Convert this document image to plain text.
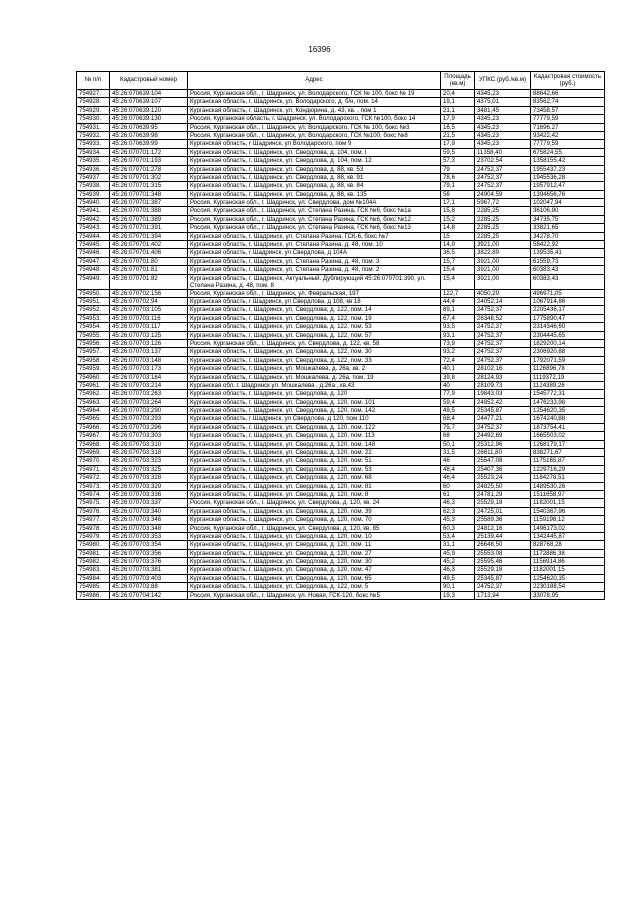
16396
№ п/п	Кадастровый номер	Адрес	Площадь (кв.м)	УПКС (руб./кв.м)	Кадастровая стоимость (руб.)
754927.	45:26:070639:104	Россия, Курганская обл., г. Шадринск, ул. Володарского, ГСК № 100, бокс № 19	20,4	4345,23	88642,66
754928.	45:26:070639:107	Курганская область, г. Шадринск, ул. Володарского, д. б/н, пом. 14	19,1	4375,01	83562,74
754929.	45:26:070639:120	Курганская область, г. Шадринск, ул. Кондюрина, д. 43, кв. , пом 1	21,1	3481,45	73458,57
754930.	45:26:070639:130	Россия, Курганская область, г. Шадринск, ул. Володарского, ГСК №100, бокс 14	17,9	4345,23	77779,59
754931.	45:26:070639:95	Россия, Курганская обл., г. Шадринск, ул. Володарского, ГСК № 100, бокс №3	16,5	4345,23	71696,27
754932.	45:26:070639:98	Россия, Курганская обл., г. Шадринск, ул. Володарского, ГСК №100, бокс №8	21,5	4345,23	93422,42
754933.	45:26:070639:99	Курганская область, г Шадринск, ул Володарского, пом 9	17,9	4345,23	77779,59
754934.	45:26:070701:172	Курганская область, г. Шадринск, ул. Свердлова, д. 104, пом. I	59,5	11358,40	675824,55
754935.	45:26:070701:193	Курганская область, г. Шадринск, ул. Свердлова, д. 104, пом. 12	57,3	23702,54	1358155,42
754936.	45:26:070701:278	Курганская область, г. Шадринск, ул. Свердлова, д. 88, кв. 53	79	24752,37	1955437,23
754937.	45:26:070701:302	Курганская область, г. Шадринск, ул. Свердлова, д. 88, кв. 91	78,6	24752,37	1945536,28
754938.	45:26:070701:315	Курганская область, г. Шадринск, ул. Свердлова, д. 88, кв. 84	79,1	24752,37	1957912,47
754939.	45:26:070701:348	Курганская область, г. Шадринск, ул. Свердлова, д. 88, кв. 135	56	24904,59	1394656,76
754940.	45:26:070701:387	Россия, Курганская обл., г. Шадринск, ул. Свердлова, дом №104А	17,1	5967,72	102047,94
754941.	45:26:070701:388	Россия, Курганская обл., г. Шадринск, ул. Степана Разина, ГСК №6, бокс №1а	15,8	2285,25	36106,90
754942.	45:26:070701:389	Россия, Курганская обл., г. Шадринск, ул. Степана Разина, ГСК №6, бокс №12	15,2	2285,25	34735,75
754943.	45:26:070701:391	Россия, Курганская обл., г. Шадринск, ул. Степана Разина, ГСК №6, бокс №13	14,8	2285,25	33821,65
754944.	45:26:070701:394	Курганская область, г. Шадринск, ул. Степана Разина, ГСК-6, бокс №7	15	2285,25	34278,70
754945.	45:26:070701:402	Курганская область, г. Шадринск, ул. Степана Разина, д. 48, пом. 10	14,9	3921,00	58422,92
754946.	45:26:070701:406	Курганская область, г Шадринск, ул Свердлова, д 104А	36,5	3822,89	139535,41
754947.	45:26:070701:80	Курганская область, г. Шадринск, ул. Степана Разина, д. 48, пом. 3	15,7	3921,00	61559,73
754948.	45:26:070701:81	Курганская область, г. Шадринск, ул. Степана Разина, д. 48, пом. 2	15,4	3921,00	60383,43
754949.	45:26:070701:82	Курганская область, г. Шадринск, Актуальный. Дублирующий 45:26:070701:390, ул. Степана Разина, д. 48, пом. 8	15,4	3921,00	60383,43
754950.	45:26:070702:156	Россия, Курганская обл., г. Шадринск, ул. Февральская, 197	122,7	4050,29	496971,05
754951.	45:26:070702:94	Курганская область, г Шадринск, ул Свердлова, д 108, кв 18	44,4	24052,14	1067914,86
754952.	45:26:070703:105	Курганская область, г. Шадринск, ул. Свердлова, д. 122, пом. 14	89,1	24752,37	2205436,17
754953.	45:26:070703:116	Курганская область, г. Шадринск, ул. Свердлова, д. 122, пом. 19	67,4	26348,52	1775890,47
754954.	45:26:070703:117	Курганская область, г. Шадринск, ул. Свердлова, д. 122, пом. 53	93,5	24752,37	2314346,60
754955.	45:26:070703:125	Курганская область, г. Шадринск, ул. Свердлова, д. 122, пом. 57	93,1	24752,37	2304445,65
754956.	45:26:070703:126	Россия, Курганская обл., г. Шадринск, ул. Свердлова, д. 122, кв. 58	73,9	24752,37	1829200,14
754957.	45:26:070703:137	Курганская область, г. Шадринск, ул. Свердлова, д. 122, пом. 30	93,2	24752,37	2306920,88
754958.	45:26:070703:148	Курганская область, г. Шадринск, ул. Свердлова, д. 122, пом. 33	72,4	24752,37	1792071,59
754959.	45:26:070703:173	Курганская область, г. Шадринск, ул. Мошкалева, д. 26а, кв. 2	40,1	28102,16	1126896,78
754960.	45:26:070703:184	Курганская область, г. Шадринск, ул. Мошкалева, д. 26а, пом. 19	39,8	28124,93	1119372,19
754961.	45:26:070703:214	Курганская обл, г. Шадринск ул. Мошкалева , д.26а , кв.43	40	28109,73	1124389,26
754962.	45:26:070703:263	Курганская область, г. Шадринск, ул. Свердлова, д. 120	77,9	19843,03	1545772,31
754963.	45:26:070703:264	Курганская область, г. Шадринск, ул. Свердлова, д. 120, пом. 101	59,4	24852,42	1476233,98
754964.	45:26:070703:290	Курганская область, г. Шадринск, ул. Свердлова, д. 120, пом. 142	49,5	25345,87	1254620,35
754965.	45:26:070703:293	Курганская область, г Шадринск, ул Свердлова, д 120, пом 110	68,4	24477,21	1674240,88
754966.	45:26:070703:296	Курганская область, г. Шадринск, ул. Свердлова, д. 120, пом. 122	75,7	24752,37	1873754,41
754967.	45:26:070703:303	Курганская область, г. Шадринск, ул. Свердлова, д. 120, пом. 113	68	24492,69	1665503,02
754968.	45:26:070703:310	Курганская область, г. Шадринск, ул. Свердлова, д. 120, пом. 148	50,1	25312,96	1268179,17
754969.	45:26:070703:318	Курганская область, г. Шадринск, ул. Свердлова, д. 120, пом. 22	31,5	26611,80	838271,67
754970.	45:26:070703:323	Курганская область, г. Шадринск, ул. Свердлова, д. 120, пом. 51	46	25547,08	1175165,87
754971.	45:26:070703:325	Курганская область, г. Шадринск, ул. Свердлова, д. 120, пом. 53	48,4	25407,36	1229716,29
754972.	45:26:070703:328	Курганская область, г. Шадринск, ул. Свердлова, д. 120, пом. 68	46,4	25523,24	1184278,51
754973.	45:26:070703:329	Курганская область, г. Шадринск, ул. Свердлова, д. 120, пом. 81	60	24825,50	1489530,26
754974.	45:26:070703:336	Курганская область, г. Шадринск, ул. Свердлова, д. 120, пом. 8	61	24781,29	1511658,97
754975.	45:26:070703:337	Россия, Курганская обл., г. Шадринск, ул. Свердлова, д. 120, кв. 24	46,3	25529,18	1182001,15
754976.	45:26:070703:340	Курганская область, г. Шадринск, ул. Свердлова, д. 120, пом. 39	62,3	24725,01	1540367,96
754977.	45:26:070703:346	Курганская область, г. Шадринск, ул. Свердлова, д. 120, пом. 70	45,3	25589,36	1159198,12
754978.	45:26:070703:348	Россия, Курганская обл., г. Шадринск, ул. Свердлова, д. 120, кв. 85	60,3	24812,16	1496173,02
754979.	45:26:070703:353	Курганская область, г. Шадринск, ул. Свердлова, д. 120, пом. 10	53,4	25139,44	1342445,87
754980.	45:26:070703:354	Курганская область, г. Шадринск, ул. Свердлова, д. 120, пом. 11	31,1	26648,50	828768,28
754981.	45:26:070703:356	Курганская область, г. Шадринск, ул. Свердлова, д. 120, пом. 27	45,9	25553,08	1172886,38
754982.	45:26:070703:376	Курганская область, г. Шадринск, ул. Свердлова, д. 120, пом. 30	45,2	25595,46	1156914,86
754983.	45:26:070703:381	Курганская область, г. Шадринск, ул. Свердлова, д. 120, пом. 47	46,3	25529,18	1182001,15
754984.	45:26:070703:403	Курганская область, г. Шадринск, ул. Свердлова, д. 120, пом. 65	49,5	25345,87	1254620,35
754985.	45:26:070703:88	Курганская область, г. Шадринск, ул. Свердлова, д. 122, пом. 5	90,1	24752,37	2230188,54
754986.	45:26:070704:142	Россия, Курганская обл., г. Шадринск, ул. Новая, ГСК-120, бокс №5	19,3	1713,94	33078,95
